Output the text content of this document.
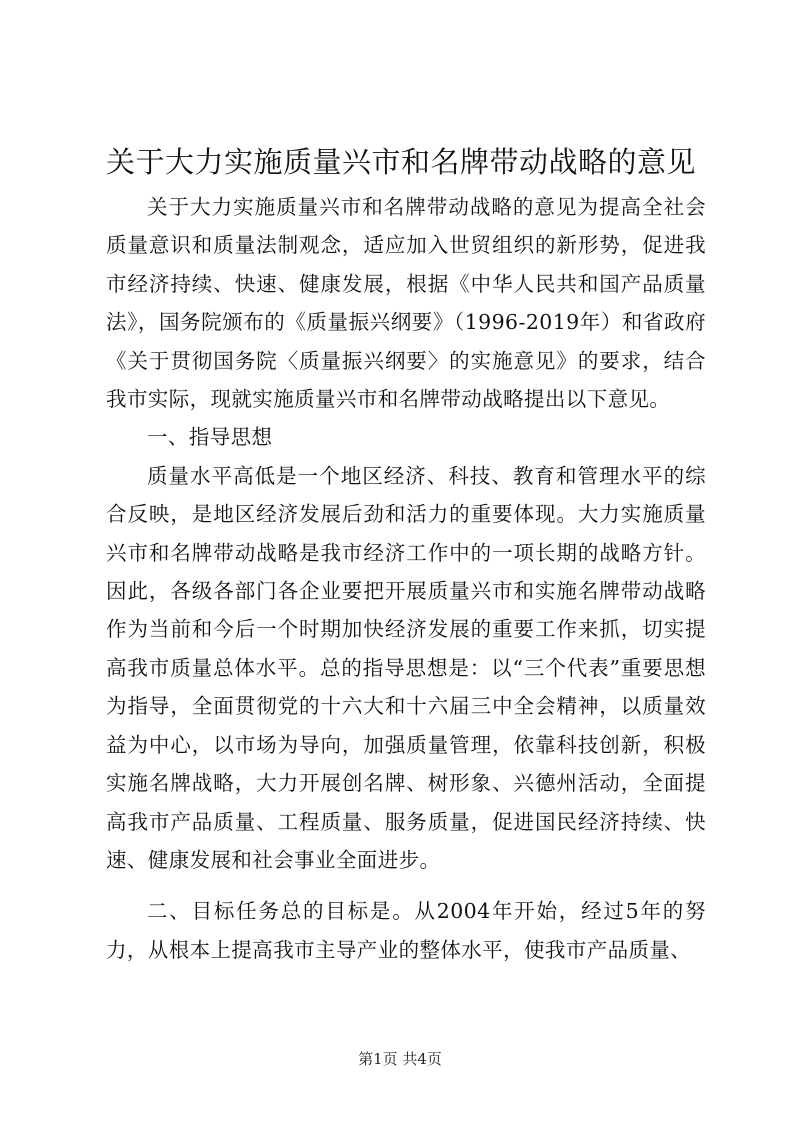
关于大力实施质量兴市和名牌带动战略的意见

关于大力实施质量兴市和名牌带动战略的意见为提高全社会质量意识和质量法制观念，适应加入世贸组织的新形势，促进我市经济持续、快速、健康发展，根据《中华人民共和国产品质量法》，国务院颁布的《质量振兴纲要》（1996-2019年）和省政府《关于贯彻国务院〈质量振兴纲要〉的实施意见》的要求，结合我市实际，现就实施质量兴市和名牌带动战略提出以下意见。

一、指导思想

质量水平高低是一个地区经济、科技、教育和管理水平的综合反映，是地区经济发展后劲和活力的重要体现。大力实施质量兴市和名牌带动战略是我市经济工作中的一项长期的战略方针。因此，各级各部门各企业要把开展质量兴市和实施名牌带动战略作为当前和今后一个时期加快经济发展的重要工作来抓，切实提高我市质量总体水平。总的指导思想是：以“三个代表”重要思想为指导，全面贯彻党的十六大和十六届三中全会精神，以质量效益为中心，以市场为导向，加强质量管理，依靠科技创新，积极实施名牌战略，大力开展创名牌、树形象、兴德州活动，全面提高我市产品质量、工程质量、服务质量，促进国民经济持续、快速、健康发展和社会事业全面进步。

二、目标任务总的目标是。从2004年开始，经过5年的努力，从根本上提高我市主导产业的整体水平，使我市产品质量、

第1页 共4页
